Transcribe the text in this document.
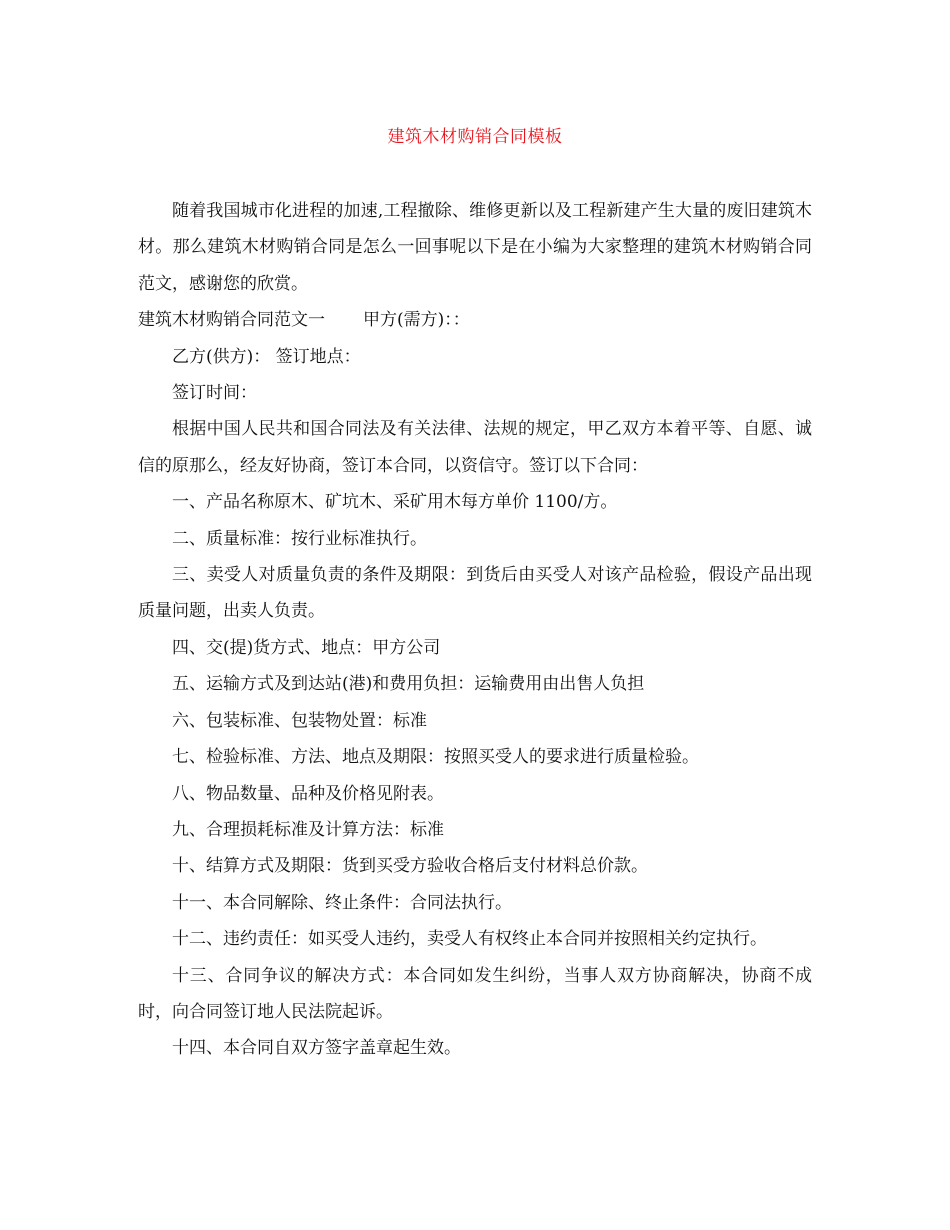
建筑木材购销合同模板

随着我国城市化进程的加速,工程撤除、维修更新以及工程新建产生大量的废旧建筑木材。那么建筑木材购销合同是怎么一回事呢以下是在小编为大家整理的建筑木材购销合同范文，感谢您的欣赏。

建筑木材购销合同范文一 甲方(需方)：：

乙方(供方)： 签订地点：

签订时间：

根据中国人民共和国合同法及有关法律、法规的规定，甲乙双方本着平等、自愿、诚信的原那么，经友好协商，签订本合同，以资信守。签订以下合同：

一、产品名称原木、矿坑木、采矿用木每方单价 1100/方。

二、质量标准：按行业标准执行。

三、卖受人对质量负责的条件及期限：到货后由买受人对该产品检验，假设产品出现质量问题，出卖人负责。

四、交(提)货方式、地点：甲方公司

五、运输方式及到达站(港)和费用负担：运输费用由出售人负担

六、包装标准、包装物处置：标准

七、检验标准、方法、地点及期限：按照买受人的要求进行质量检验。

八、物品数量、品种及价格见附表。

九、合理损耗标准及计算方法：标准

十、结算方式及期限：货到买受方验收合格后支付材料总价款。

十一、本合同解除、终止条件：合同法执行。

十二、违约责任：如买受人违约，卖受人有权终止本合同并按照相关约定执行。

十三、合同争议的解决方式：本合同如发生纠纷，当事人双方协商解决，协商不成时，向合同签订地人民法院起诉。

十四、本合同自双方签字盖章起生效。
